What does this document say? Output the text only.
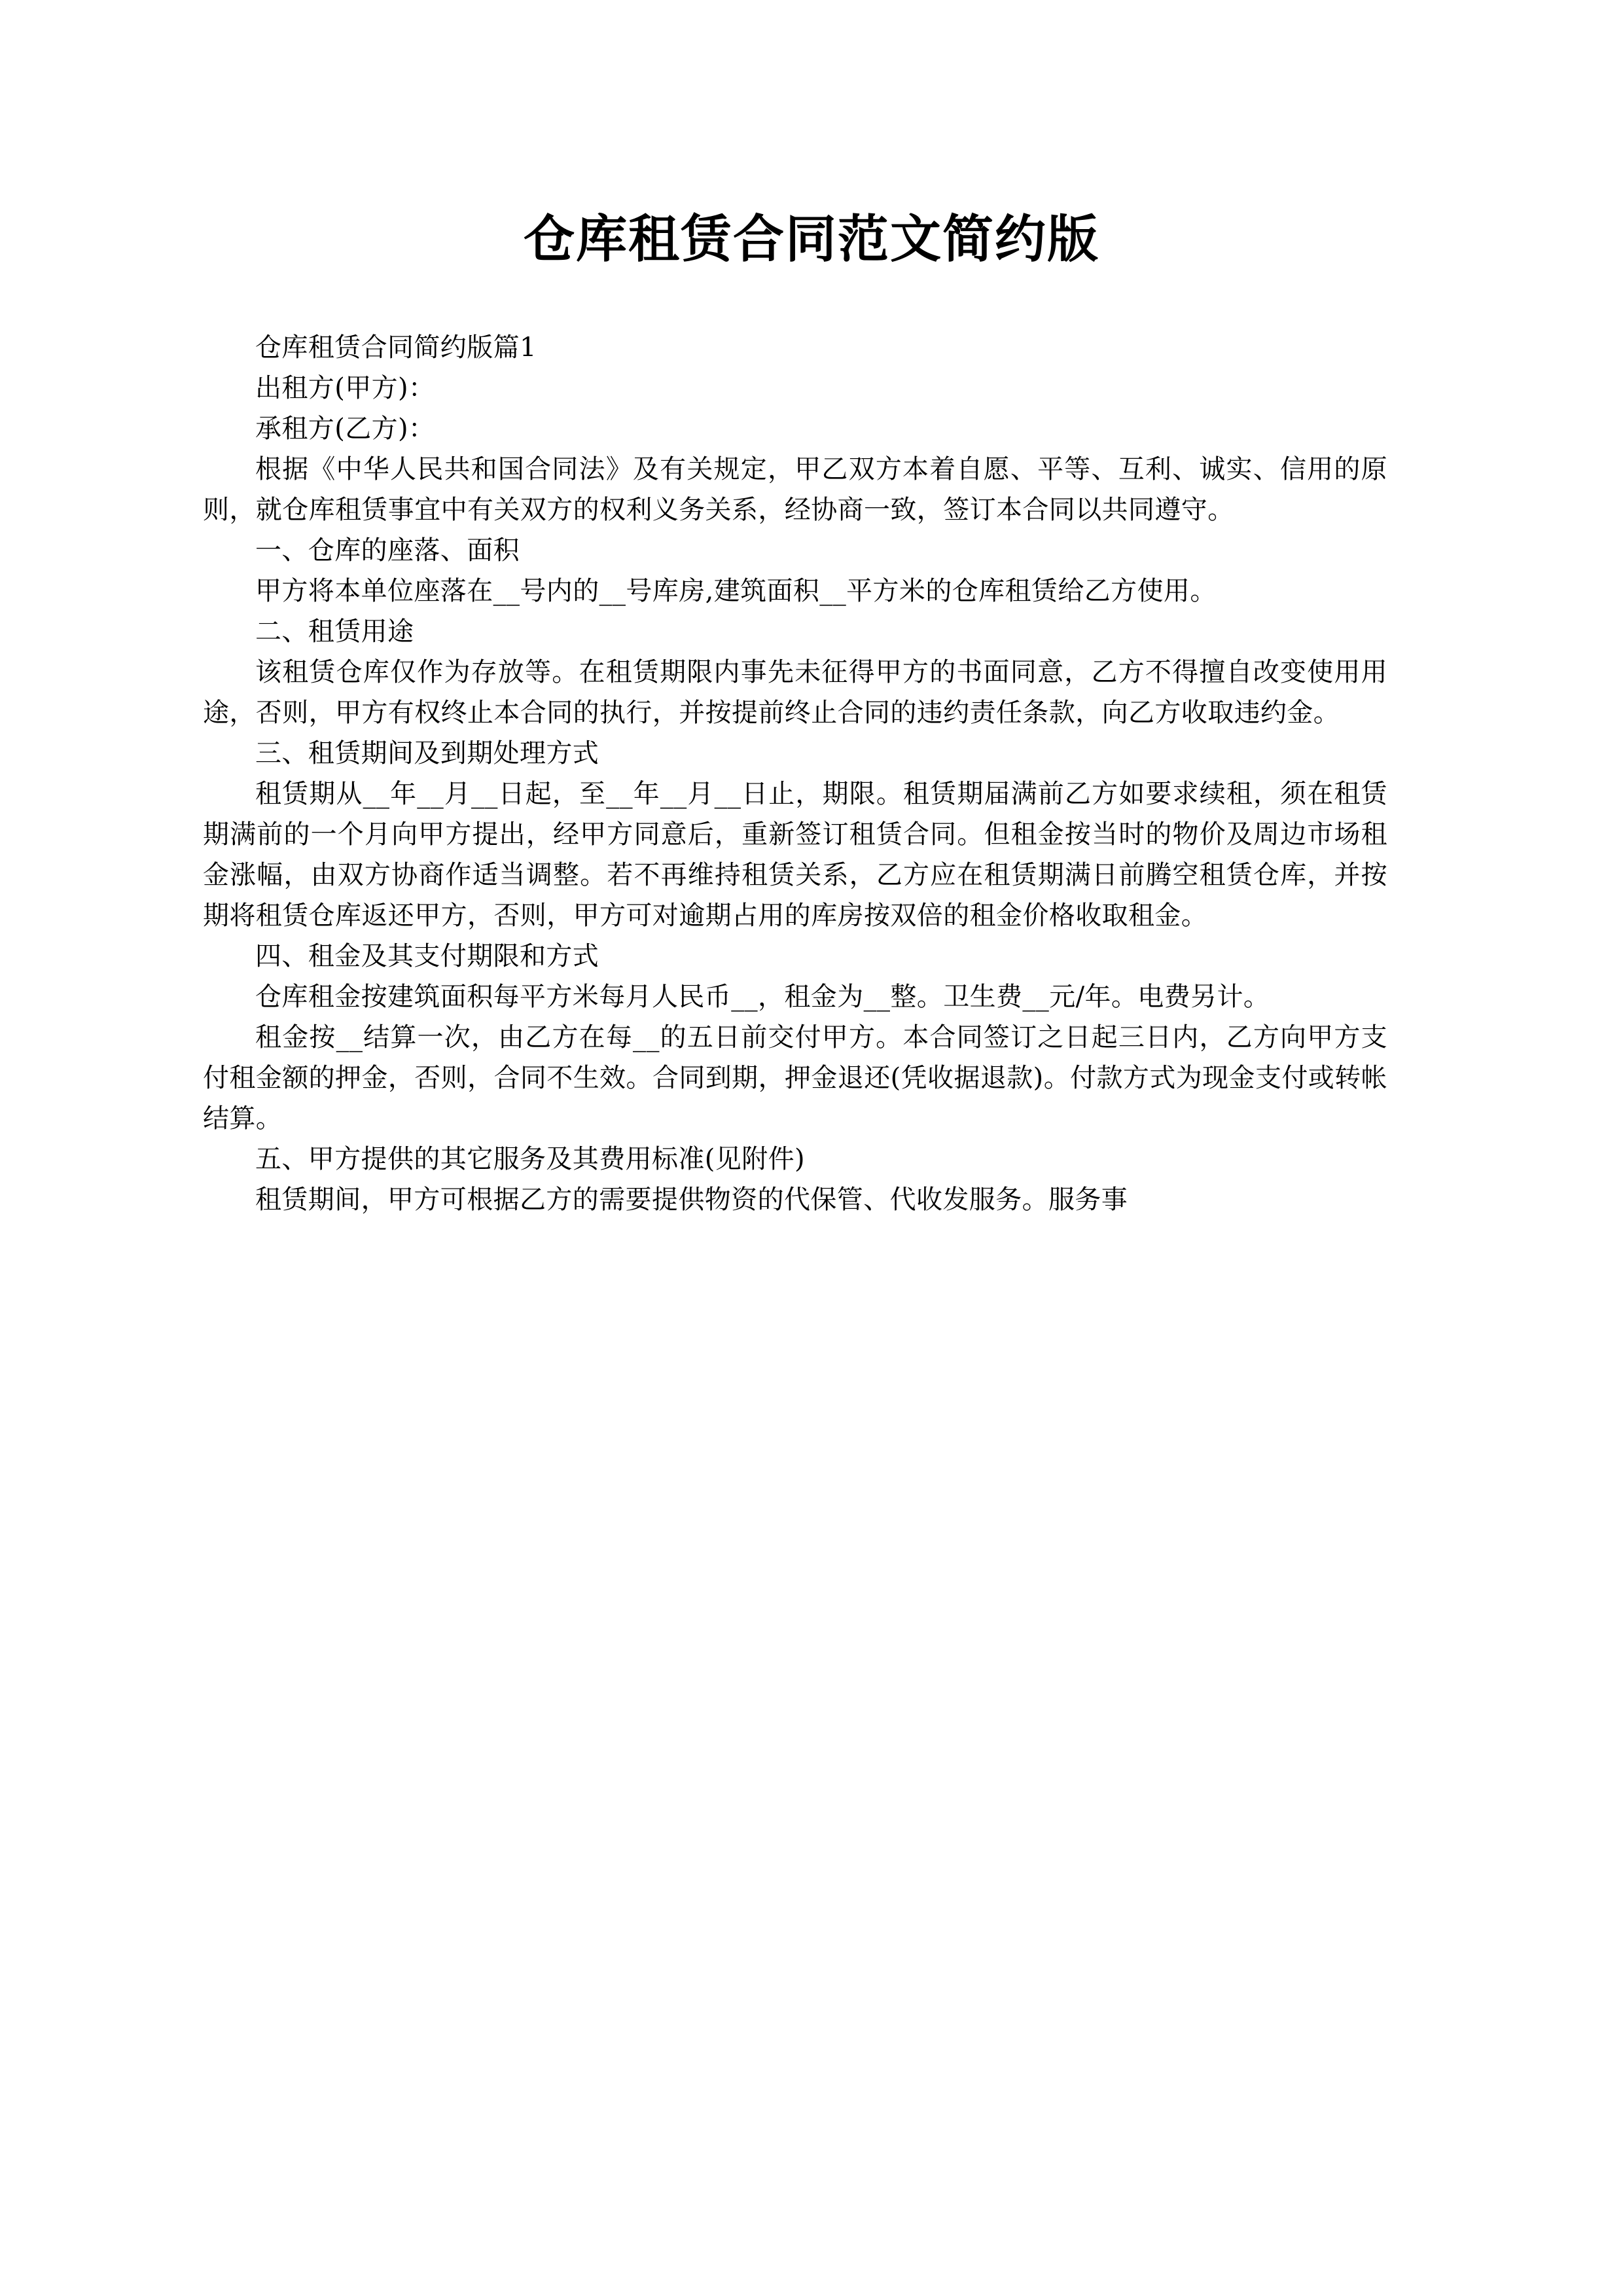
仓库租赁合同范文简约版

仓库租赁合同简约版篇1

出租方(甲方)：

承租方(乙方)：

根据《中华人民共和国合同法》及有关规定，甲乙双方本着自愿、平等、互利、诚实、信用的原则，就仓库租赁事宜中有关双方的权利义务关系，经协商一致，签订本合同以共同遵守。

一、仓库的座落、面积

甲方将本单位座落在__号内的__号库房,建筑面积__平方米的仓库租赁给乙方使用。

二、租赁用途

该租赁仓库仅作为存放等。在租赁期限内事先未征得甲方的书面同意，乙方不得擅自改变使用用途，否则，甲方有权终止本合同的执行，并按提前终止合同的违约责任条款，向乙方收取违约金。

三、租赁期间及到期处理方式

租赁期从__年__月__日起，至__年__月__日止，期限。租赁期届满前乙方如要求续租，须在租赁期满前的一个月向甲方提出，经甲方同意后，重新签订租赁合同。但租金按当时的物价及周边市场租金涨幅，由双方协商作适当调整。若不再维持租赁关系，乙方应在租赁期满日前腾空租赁仓库，并按期将租赁仓库返还甲方，否则，甲方可对逾期占用的库房按双倍的租金价格收取租金。

四、租金及其支付期限和方式

仓库租金按建筑面积每平方米每月人民币__，租金为__整。卫生费__元/年。电费另计。

租金按__结算一次，由乙方在每__的五日前交付甲方。本合同签订之日起三日内，乙方向甲方支付租金额的押金，否则，合同不生效。合同到期，押金退还(凭收据退款)。付款方式为现金支付或转帐结算。

五、甲方提供的其它服务及其费用标准(见附件)

租赁期间，甲方可根据乙方的需要提供物资的代保管、代收发服务。服务事
